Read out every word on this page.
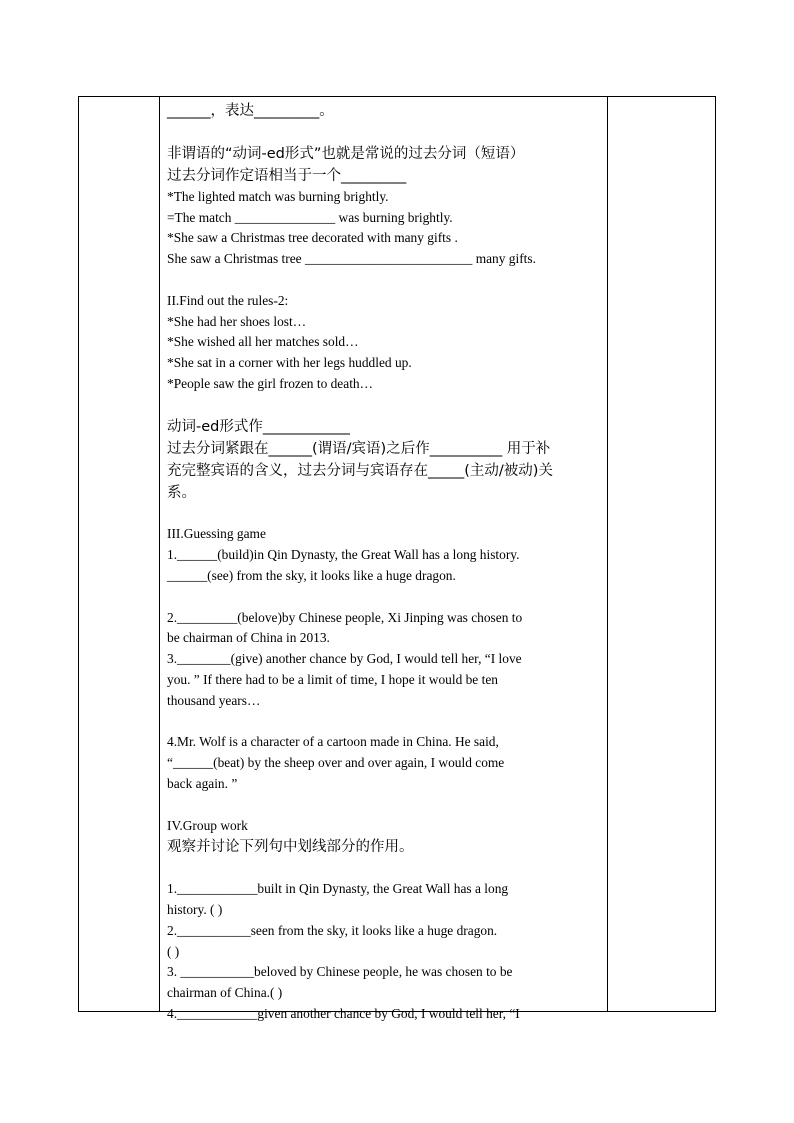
______，表达_________。
非谓语的“动词-ed形式”也就是常说的过去分词（短语）
过去分词作定语相当于一个_________
*The lighted match was burning brightly.
=The match _______________ was burning brightly.
*She saw a Christmas tree decorated with many gifts .
She saw a Christmas tree _________________________ many gifts.
II.Find out the rules-2:
*She had her shoes lost…
*She wished all her matches sold…
*She sat in a corner with her legs huddled up.
*People saw the girl frozen to death…
动词-ed形式作____________
过去分词紧跟在______(谓语/宾语)之后作__________ 用于补
充完整宾语的含义，过去分词与宾语存在_____(主动/被动)关
系。
III.Guessing game
1.______(build)in Qin Dynasty, the Great Wall has a long history.
______(see) from the sky, it looks like a huge dragon.
2._________(belove)by Chinese people, Xi Jinping was chosen to
be chairman of China in 2013.
3.________(give) another chance by God, I would tell her, “I love
you. ” If there had to be a limit of time, I hope it would be ten
thousand years…
4.Mr. Wolf is a character of a cartoon made in China. He said,
“______(beat) by the sheep over and over again, I would come
back again. ”
IV.Group work
观察并讨论下列句中划线部分的作用。
1.____________built in Qin Dynasty, the Great Wall has a long
history. ( )
2.___________seen from the sky, it looks like a huge dragon.
( )
3. ___________beloved by Chinese people, he was chosen to be
chairman of China.( )
4.____________given another chance by God, I would tell her, “I
